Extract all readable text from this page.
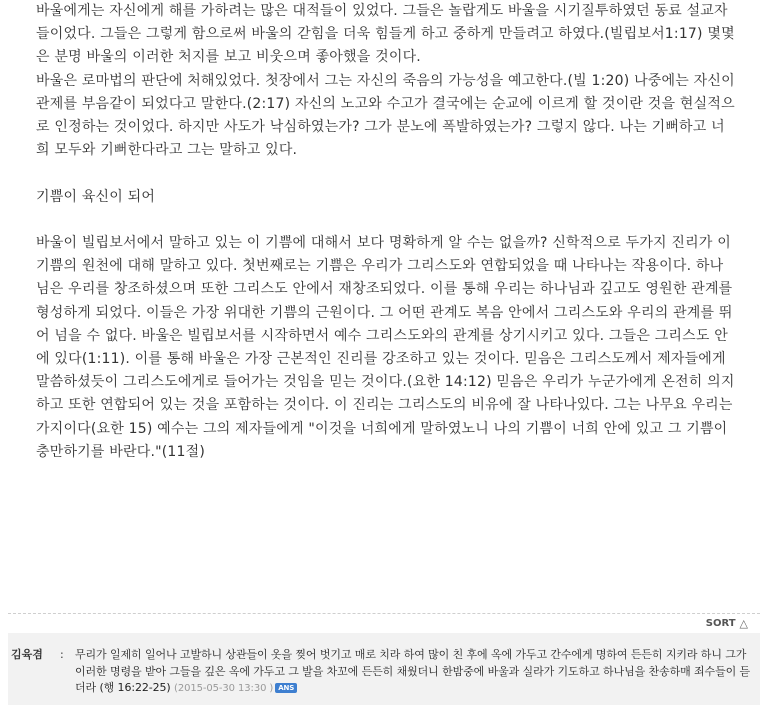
바울에게는 자신에게 해를 가하려는 많은 대적들이 있었다. 그들은 놀랍게도 바울을 시기질투하였던 동료 설교자들이었다. 그들은 그렇게 함으로써 바울의 갇힘을 더욱 힘들게 하고 중하게 만들려고 하였다.(빌립보서1:17) 몇몇은 분명 바울의 이러한 처지를 보고 비웃으며 좋아했을 것이다.

바울은 로마법의 판단에 처해있었다. 첫장에서 그는 자신의 죽음의 가능성을 예고한다.(빌 1:20) 나중에는 자신이 관제를 부음같이 되었다고 말한다.(2:17) 자신의 노고와 수고가 결국에는 순교에 이르게 할 것이란 것을 현실적으로 인정하는 것이었다. 하지만 사도가 낙심하였는가? 그가 분노에 폭발하였는가? 그렇지 않다. 나는 기뻐하고 너희 모두와 기뻐한다라고 그는 말하고 있다.

기쁨이 육신이 되어

바울이 빌립보서에서 말하고 있는 이 기쁨에 대해서 보다 명확하게 알 수는 없을까? 신학적으로 두가지 진리가 이 기쁨의 원천에 대해 말하고 있다. 첫번째로는 기쁨은 우리가 그리스도와 연합되었을 때 나타나는 작용이다. 하나님은 우리를 창조하셨으며 또한 그리스도 안에서 재창조되었다. 이를 통해 우리는 하나님과 깊고도 영원한 관계를 형성하게 되었다. 이들은 가장 위대한 기쁨의 근원이다. 그 어떤 관계도 복음 안에서 그리스도와 우리의 관계를 뛰어 넘을 수 없다. 바울은 빌립보서를 시작하면서 예수 그리스도와의 관계를 상기시키고 있다. 그들은 그리스도 안에 있다(1:11). 이를 통해 바울은 가장 근본적인 진리를 강조하고 있는 것이다. 믿음은 그리스도께서 제자들에게 말씀하셨듯이 그리스도에게로 들어가는 것임을 믿는 것이다.(요한 14:12) 믿음은 우리가 누군가에게 온전히 의지하고 또한 연합되어 있는 것을 포함하는 것이다. 이 진리는 그리스도의 비유에 잘 나타나있다. 그는 나무요 우리는 가지이다(요한 15) 예수는 그의 제자들에게 "이것을 너희에게 말하였노니 나의 기쁨이 너희 안에 있고 그 기쁨이 충만하기를 바란다."(11절)

SORT △
김육겸 : 무리가 일제히 일어나 고발하니 상관들이 옷을 찢어 벗기고 매로 치라 하여 많이 친 후에 옥에 가두고 간수에게 명하여 든든히 지키라 하니 그가 이러한 명령을 받아 그들을 깊은 옥에 가두고 그 발을 차꼬에 든든히 채웠더니 한밤중에 바울과 실라가 기도하고 하나님을 찬송하매 죄수들이 듣더라 (행 16:22-25) (2015-05-30 13:30 ) ANS
